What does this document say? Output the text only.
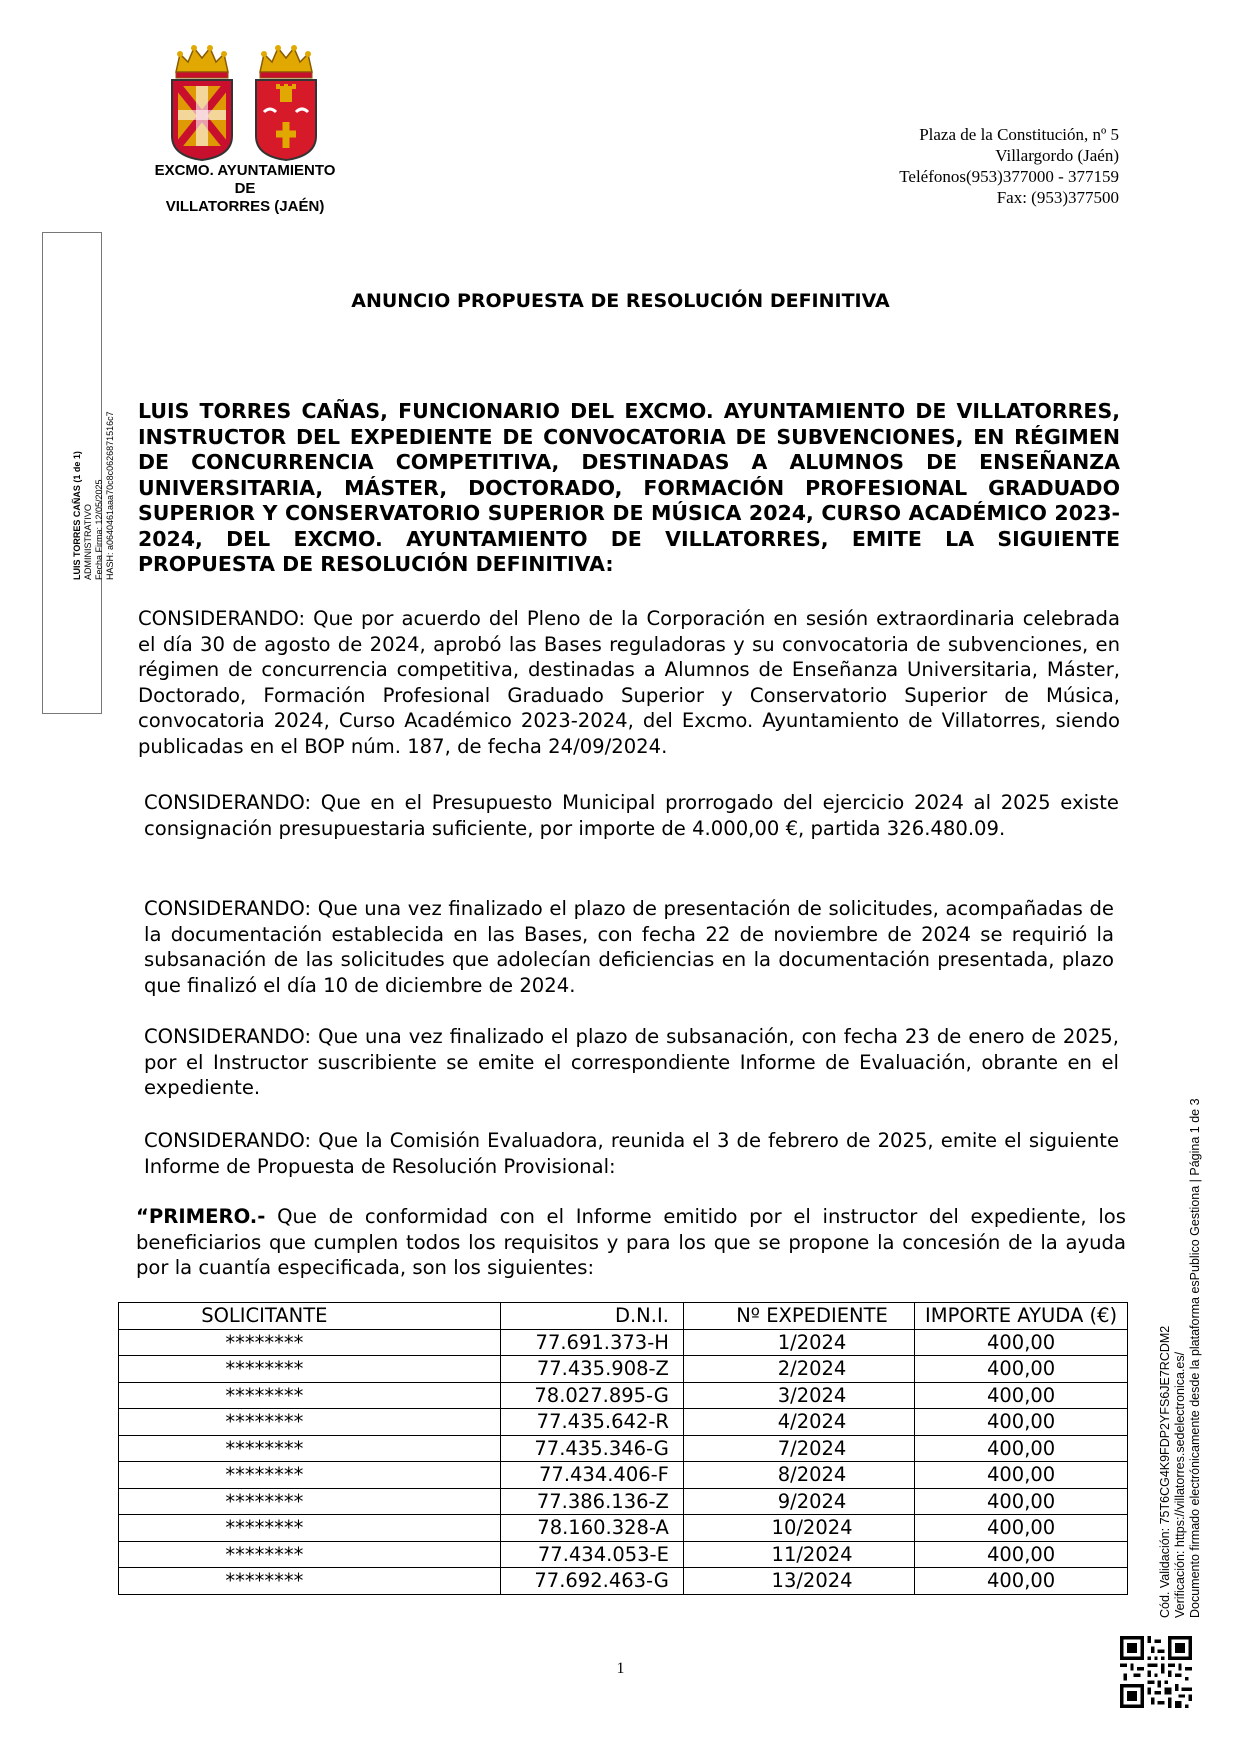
EXCMO. AYUNTAMIENTO
DE
VILLATORRES (JAÉN)
Plaza de la Constitución, nº 5
Villargordo (Jaén)
Teléfonos(953)377000 - 377159
Fax: (953)377500
LUIS TORRES CAÑAS (1 de 1) ADMINISTRATIVO Fecha Firma: 12/05/2025 HASH: a0640461aaa70c8c0626871516c7
ANUNCIO PROPUESTA DE RESOLUCIÓN DEFINITIVA
LUIS TORRES CAÑAS, FUNCIONARIO DEL EXCMO. AYUNTAMIENTO DE VILLATORRES, INSTRUCTOR DEL EXPEDIENTE DE CONVOCATORIA DE SUBVENCIONES, EN RÉGIMEN DE CONCURRENCIA COMPETITIVA, DESTINADAS A ALUMNOS DE ENSEÑANZA UNIVERSITARIA, MÁSTER, DOCTORADO, FORMACIÓN PROFESIONAL GRADUADO SUPERIOR Y CONSERVATORIO SUPERIOR DE MÚSICA 2024, CURSO ACADÉMICO 2023-2024, DEL EXCMO. AYUNTAMIENTO DE VILLATORRES, EMITE LA SIGUIENTE PROPUESTA DE RESOLUCIÓN DEFINITIVA:
CONSIDERANDO: Que por acuerdo del Pleno de la Corporación en sesión extraordinaria celebrada el día 30 de agosto de 2024, aprobó las Bases reguladoras y su convocatoria de subvenciones, en régimen de concurrencia competitiva, destinadas a Alumnos de Enseñanza Universitaria, Máster, Doctorado, Formación Profesional Graduado Superior y Conservatorio Superior de Música, convocatoria 2024, Curso Académico 2023-2024, del Excmo. Ayuntamiento de Villatorres, siendo publicadas en el BOP núm. 187, de fecha 24/09/2024.
CONSIDERANDO: Que en el Presupuesto Municipal prorrogado del ejercicio 2024 al 2025 existe consignación presupuestaria suficiente, por importe de 4.000,00 €, partida 326.480.09.
CONSIDERANDO: Que una vez finalizado el plazo de presentación de solicitudes, acompañadas de la documentación establecida en las Bases, con fecha 22 de noviembre de 2024 se requirió la subsanación de las solicitudes que adolecían deficiencias en la documentación presentada, plazo que finalizó el día 10 de diciembre de 2024.
CONSIDERANDO: Que una vez finalizado el plazo de subsanación, con fecha 23 de enero de 2025, por el Instructor suscribiente se emite el correspondiente Informe de Evaluación, obrante en el expediente.
CONSIDERANDO: Que la Comisión Evaluadora, reunida el 3 de febrero de 2025, emite el siguiente Informe de Propuesta de Resolución Provisional:
“PRIMERO.- Que de conformidad con el Informe emitido por el instructor del expediente, los beneficiarios que cumplen todos los requisitos y para los que se propone la concesión de la ayuda por la cuantía especificada, son los siguientes:
SOLICITANTE	D.N.I.	Nº EXPEDIENTE	IMPORTE AYUDA (€)
********	77.691.373-H	1/2024	400,00
********	77.435.908-Z	2/2024	400,00
********	78.027.895-G	3/2024	400,00
********	77.435.642-R	4/2024	400,00
********	77.435.346-G	7/2024	400,00
********	77.434.406-F	8/2024	400,00
********	77.386.136-Z	9/2024	400,00
********	78.160.328-A	10/2024	400,00
********	77.434.053-E	11/2024	400,00
********	77.692.463-G	13/2024	400,00	Cód. Validación: 75T6CG4K9FDP2YFS6JE7RCDM2 Verificación: https://villatorres.sedelectronica.es/ Documento firmado electrónicamente desde la plataforma esPublico Gestiona | Página 1 de 3
1
